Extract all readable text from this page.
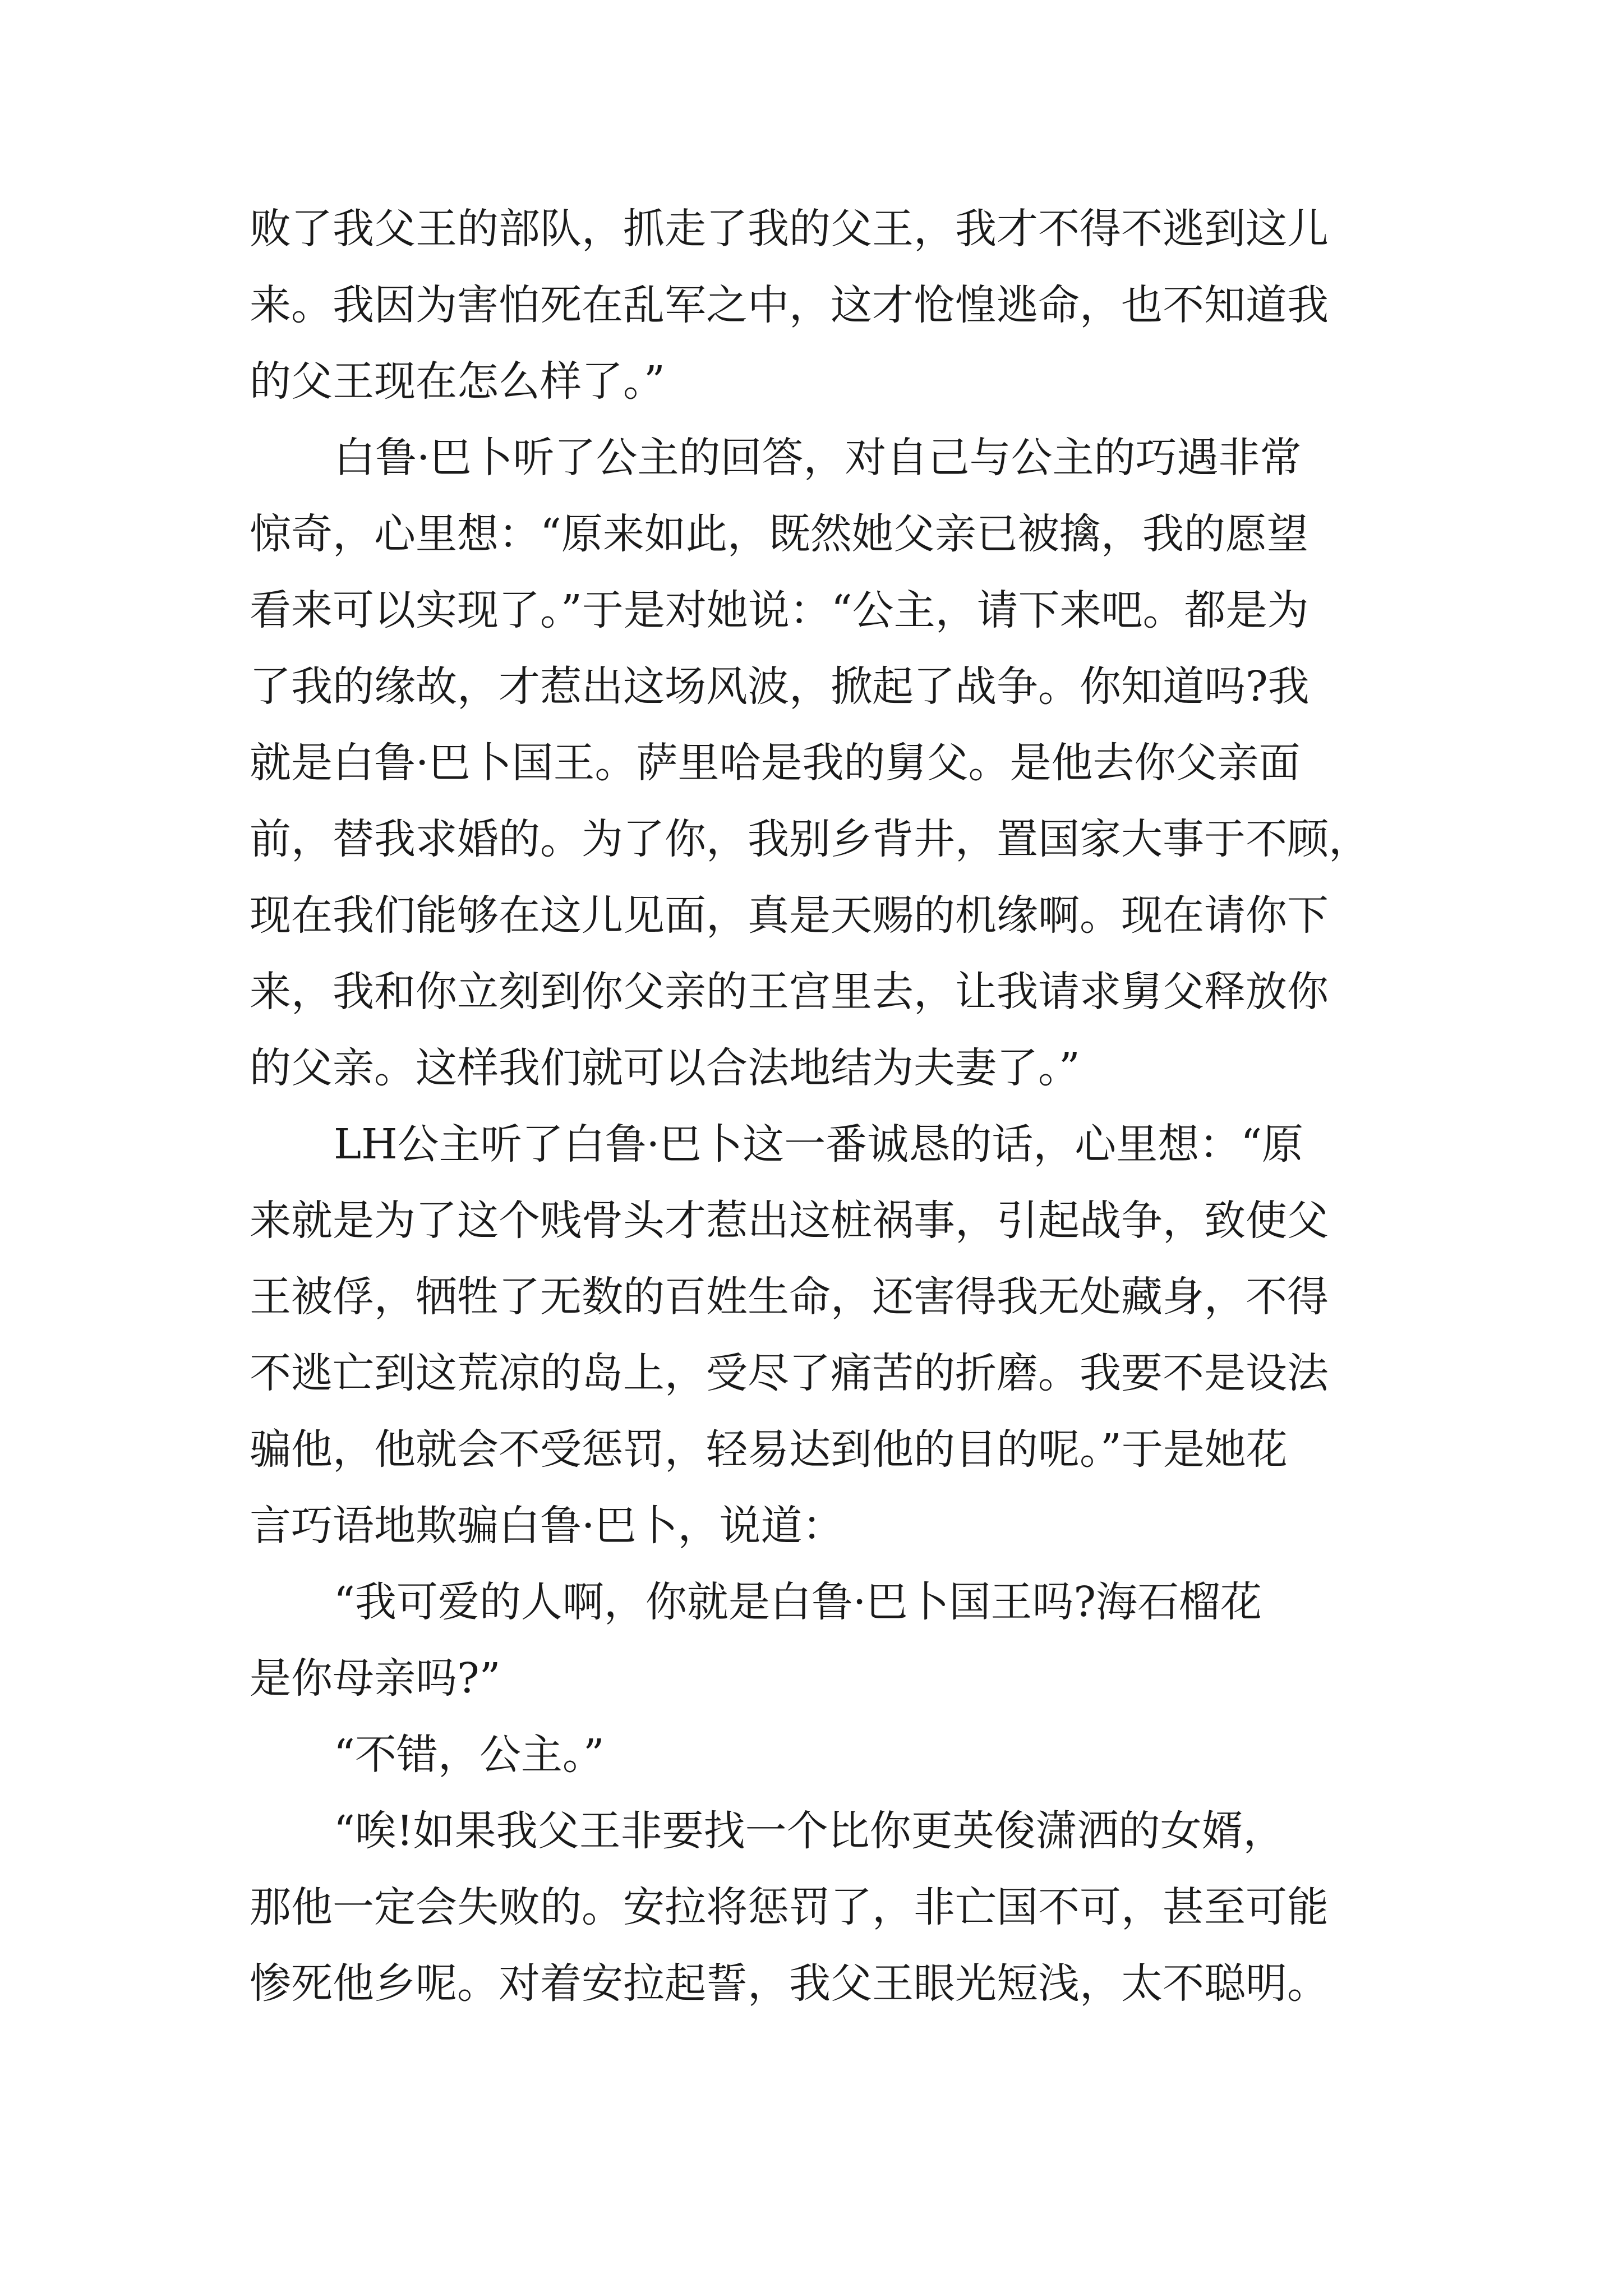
败了我父王的部队，抓走了我的父王，我才不得不逃到这儿
来。我因为害怕死在乱军之中，这才怆惶逃命，也不知道我
的父王现在怎么样了。”
白鲁·巴卜听了公主的回答，对自己与公主的巧遇非常
惊奇，心里想：“原来如此，既然她父亲已被擒，我的愿望
看来可以实现了。”于是对她说：“公主，请下来吧。都是为
了我的缘故，才惹出这场风波，掀起了战争。你知道吗?我
就是白鲁·巴卜国王。萨里哈是我的舅父。是他去你父亲面
前，替我求婚的。为了你，我别乡背井，置国家大事于不顾，
现在我们能够在这儿见面，真是天赐的机缘啊。现在请你下
来，我和你立刻到你父亲的王宫里去，让我请求舅父释放你
的父亲。这样我们就可以合法地结为夫妻了。”
LH公主听了白鲁·巴卜这一番诚恳的话，心里想：“原
来就是为了这个贱骨头才惹出这桩祸事，引起战争，致使父
王被俘，牺牲了无数的百姓生命，还害得我无处藏身，不得
不逃亡到这荒凉的岛上，受尽了痛苦的折磨。我要不是设法
骗他，他就会不受惩罚，轻易达到他的目的呢。”于是她花
言巧语地欺骗白鲁·巴卜，说道：
“我可爱的人啊，你就是白鲁·巴卜国王吗?海石榴花
是你母亲吗?”
“不错，公主。”
“唉!如果我父王非要找一个比你更英俊潇洒的女婿，
那他一定会失败的。安拉将惩罚了，非亡国不可，甚至可能
惨死他乡呢。对着安拉起誓，我父王眼光短浅，太不聪明。
